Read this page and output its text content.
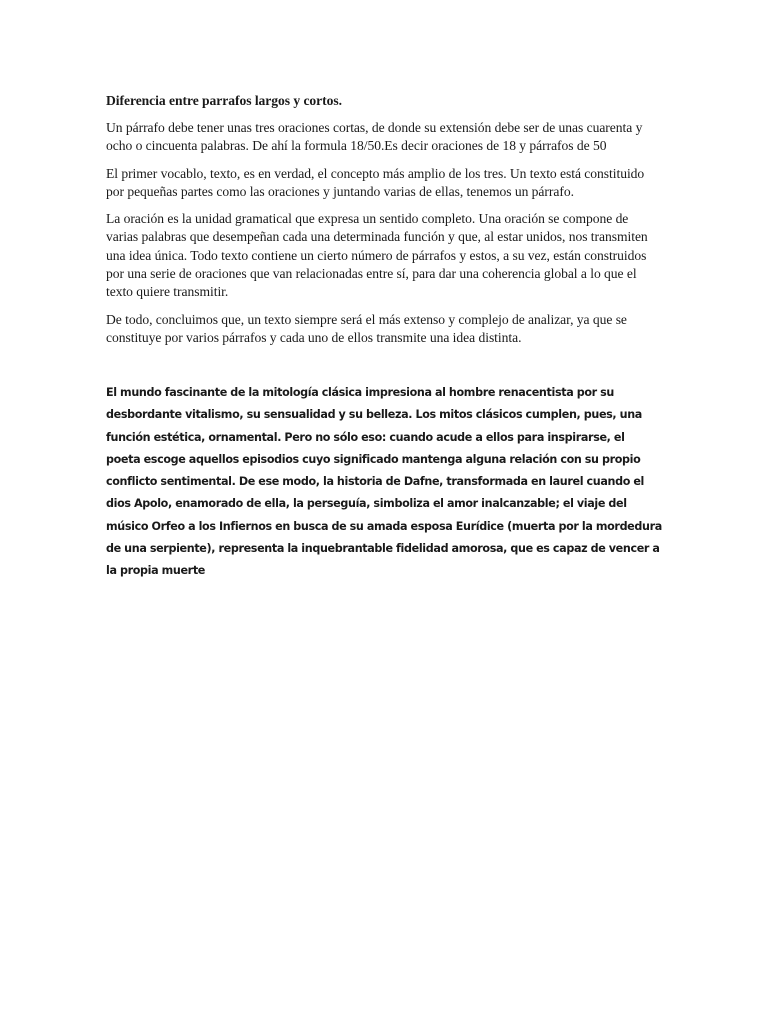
Diferencia entre parrafos largos y cortos.

Un párrafo debe tener unas tres oraciones cortas, de donde su extensión debe ser de unas cuarenta y ocho o cincuenta palabras. De ahí la formula 18/50.Es decir oraciones de 18 y párrafos de 50

El primer vocablo, texto, es en verdad, el concepto más amplio de los tres. Un texto está constituido por pequeñas partes como las oraciones y juntando varias de ellas, tenemos un párrafo.

La oración es la unidad gramatical que expresa un sentido completo. Una oración se compone de varias palabras que desempeñan cada una determinada función y que, al estar unidos, nos transmiten una idea única. Todo texto contiene un cierto número de párrafos y estos, a su vez, están construidos por una serie de oraciones que van relacionadas entre sí, para dar una coherencia global a lo que el texto quiere transmitir.

De todo, concluimos que, un texto siempre será el más extenso y complejo de analizar, ya que se constituye por varios párrafos y cada uno de ellos transmite una idea distinta.

El mundo fascinante de la mitología clásica impresiona al hombre renacentista por su desbordante vitalismo, su sensualidad y su belleza. Los mitos clásicos cumplen, pues, una función estética, ornamental. Pero no sólo eso: cuando acude a ellos para inspirarse, el poeta escoge aquellos episodios cuyo significado mantenga alguna relación con su propio conflicto sentimental. De ese modo, la historia de Dafne, transformada en laurel cuando el dios Apolo, enamorado de ella, la perseguía, simboliza el amor inalcanzable; el viaje del músico Orfeo a los Infiernos en busca de su amada esposa Eurídice (muerta por la mordedura de una serpiente), representa la inquebrantable fidelidad amorosa, que es capaz de vencer a la propia muerte
